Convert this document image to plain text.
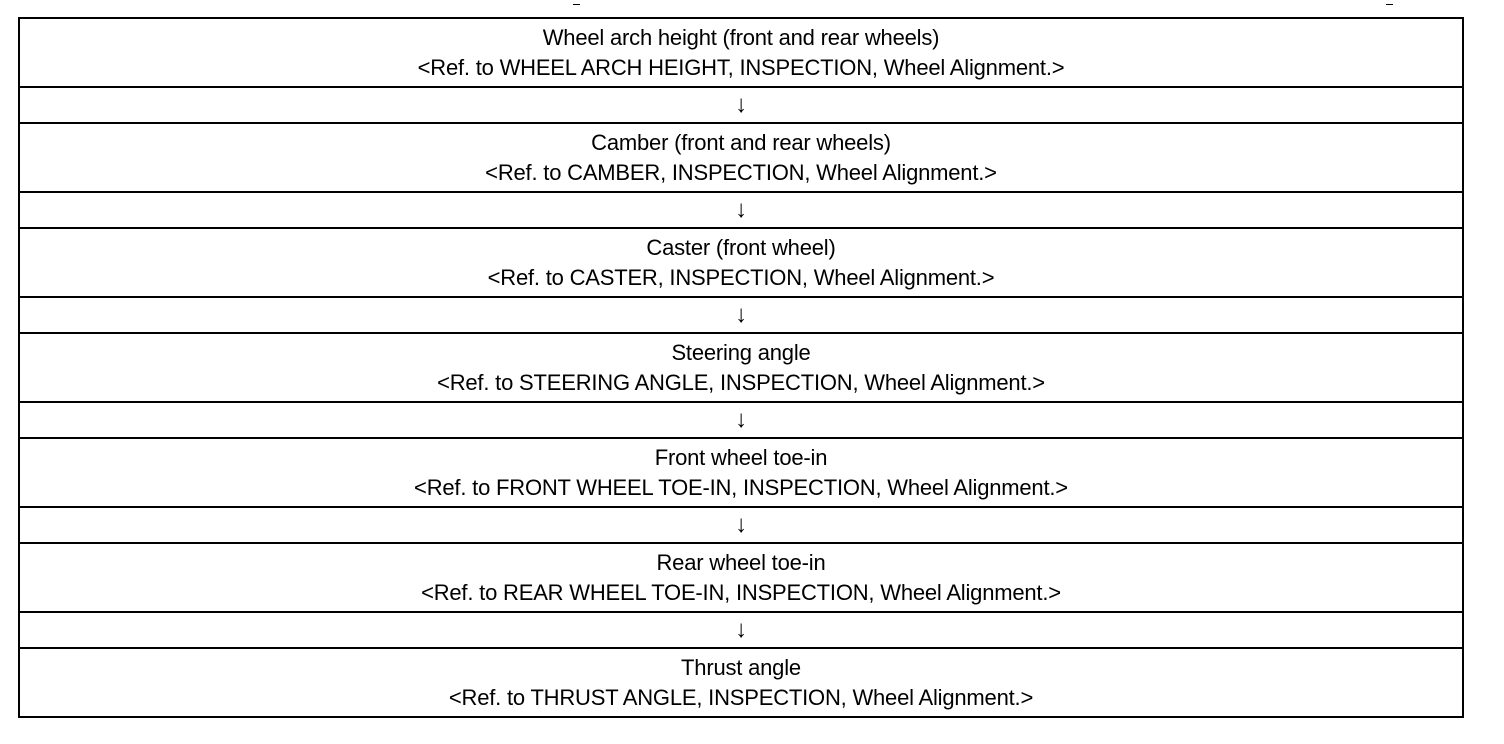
Wheel arch height (front and rear wheels)
<Ref. to WHEEL ARCH HEIGHT, INSPECTION, Wheel Alignment.>

↓

Camber (front and rear wheels)
<Ref. to CAMBER, INSPECTION, Wheel Alignment.>

↓

Caster (front wheel)
<Ref. to CASTER, INSPECTION, Wheel Alignment.>

↓

Steering angle
<Ref. to STEERING ANGLE, INSPECTION, Wheel Alignment.>

↓

Front wheel toe-in
<Ref. to FRONT WHEEL TOE-IN, INSPECTION, Wheel Alignment.>

↓

Rear wheel toe-in
<Ref. to REAR WHEEL TOE-IN, INSPECTION, Wheel Alignment.>

↓

Thrust angle
<Ref. to THRUST ANGLE, INSPECTION, Wheel Alignment.>
